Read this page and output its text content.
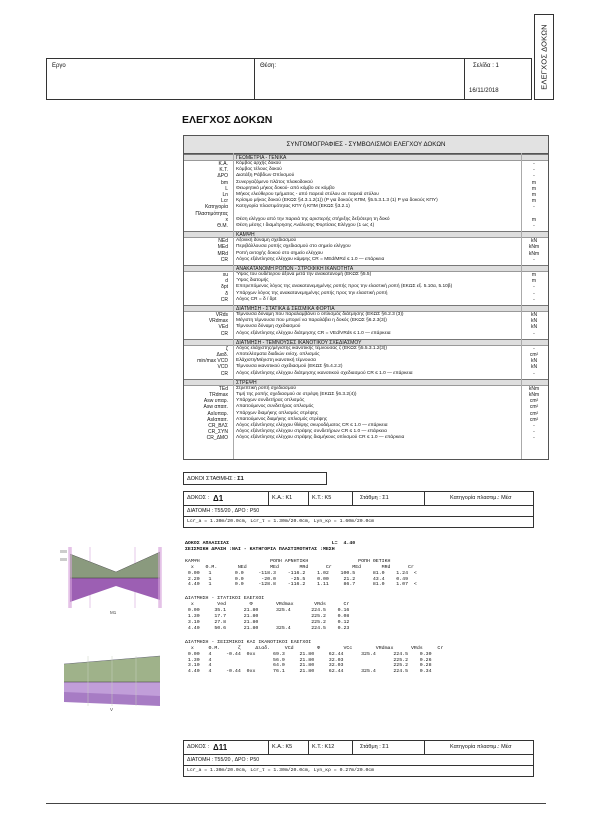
Εργο	Θέση:	Σελίδα : 1
16/11/2018
ΕΛΕΓΧΟΣ ΔΟΚΩΝ
ΕΛΕΓΧΟΣ ΔΟΚΩΝ
ΣΥΝΤΟΜΟΓΡΑΦΙΕΣ - ΣΥΜΒΟΛΙΣΜΟΙ ΕΛΕΓΧΟΥ ΔΟΚΩΝ
ΓΕΩΜΕΤΡΙΑ - ΓΕΝΙΚΑ
Κ.Α. Κόμβος αρχής δοκού	-
Κ.Τ. Κόμβος τέλους δοκού	-
ΔΡΟ Διατάξη Ράβδων Οπλισμού	-
bm Συνεργαζόμενο πλάτος πλακοδοκού	m
L Θεωρητικό μήκος δοκού- από κόμβο σε κόμβο	m
Ln Μήκος ελεύθερου τμήματος - από παρειά στύλου σε παρειά στύλου	m
Lcr Κρίσιμο μήκος δοκού (ΕΚΩΣ §4.3.1.2(1)) (Ρ για δοκούς ΚΠΜ, §5.5.3.1.3 (1) Ρ για δοκούς ΚΠΥ)	m
Κατηγορία Κατηγορία πλαστιμότητας ΚΠΥ ή ΚΠΜ (ΕΚΩΣ §3.2.1)	-
Πλαστιμότητας
x Θέση ελέγχου από την παρειά της αριστερής στήριξης δεξιότερη τη δοκό	m
Θ.Μ. Θέση μέσης Ι διαμέτρησης Ανάλυσης Φορτίσεις Ελέγχου (1 ως 4)	-
ΚΑΜΨΗ
NEd Αξονική δύναμη σχεδιασμού	kN
MEd Περιβάλλουσα ροπής σχεδιασμού στο σημείο ελέγχου	kNm
MRd Ροπή αντοχής δοκού στο σημείο ελέγχου	kNm
CR Λόγος εξάντλησης ελέγχου κάμψης CR = MEd/MRd ≤ 1.0 — επάρκεια	-
ΑΝΑΚΑΤΑΝΟΜΗ ΡΟΠΩΝ - ΣΤΡΟΦΙΚΗ ΙΚΑΝΟΤΗΤΑ
xu Ύψος του ουδέτερου άξονα μετά την ανακατανομή (ΕΚΩΣ §5.5)	m
d Ύψος διατομής	m
δpt Επιτρεπόμενος λόγος της ανακατανεμημένης ροπής προς την ελαστική ροπή (ΕΚΩΣ εξ. 5.10α, 5.10β)	-
δ Υπάρχων λόγος της ανακατανεμημένης ροπής προς την ελαστική ροπή	-
CR Λόγος CR = δ / δpt	-
ΔΙΑΤΜΗΣΗ - ΣΤΑΤΙΚΑ & ΣΕΙΣΜΙΚΑ ΦΟΡΤΙΑ
VRds Τέμνουσα δύναμη που παραλαμβάνει ο οπλισμός διάτμησης (ΕΚΩΣ §6.2.3 (3))	kN
VRdmax Μέγιστη τέμνουσα που μπορεί να παραλάβει η δοκός (ΕΚΩΣ §6.2.3(3))	kN
VEd Τέμνουσα δύναμη σχεδιασμού	kN
CR Λόγος εξάντλησης ελέγχου διάτμησης CR = VEd/VRds ≤ 1.0 — επάρκεια	-
ΔΙΑΤΜΗΣΗ - ΤΕΜΝΟΥΣΕΣ ΙΚΑΝΟΤΙΚΟΥ ΣΧΕΔΙΑΣΜΟΥ
ζ Λόγος ελάχιστης/μέγιστης ικανοτικής τέμνουσας ζ (ΕΚΩΣ §5.5.3.1.2(3))	-
Διαδ. Αποτελέσματα διαδιών ενίσχ. οπλισμός	cm²
min/max VCD Ελάχιστη/Μέγιστη ικανοτική τέμνουσα	kN
VCD Τέμνουσα ικανοτικού σχεδιασμού (ΕΚΩΣ §5.4.2.2)	kN
CR Λόγος εξάντλησης ελέγχου διάτμησης ικανοτικού σχεδιασμού CR ≤ 1.0 — επάρκεια	-
ΣΤΡΕΨΗ
TEd Στρεπτική ροπή σχεδιασμού	kNm
TRdmax Τιμή της ροπής σχεδιασμού σε στρέψη (ΕΚΩΣ §6.3.2(4))	kNm
Asw υπαρ. Υπάρχων συνδετήρας οπλισμός	cm²
Asw απαιτ. Απαιτούμενος συνδετήρας οπλισμός	cm²
ΑsΙυπαρ. Υπάρχων διαμήκης οπλισμός στρέψης	cm²
ΑsΙαπαιτ. Απαιτούμενος διαμήκης οπλισμός στρέψης	cm²
CR_ΒΛΣ Λόγος εξάντλησης ελέγχου θλίψης σκυροδέματος CR ≤ 1.0 — επάρκεια	-
CR_ΣΥΝ Λόγος εξάντλησης ελέγχου στρέψης συνδετήρων CR ≤ 1.0 — επάρκεια	-
CR_ΔΜΟ Λόγος εξάντλησης ελέγχου στρέψης διαμήκους οπλισμού CR ≤ 1.0 — επάρκεια	-
ΔΟΚΟΙ ΣΤΑΘΜΗΣ : Σ1
ΔΟΚΟΣ : Δ1	Κ.Α.: Κ1	Κ.Τ.: Κ5	Στάθμη : Σ1	Κατηγορία πλαστιμ.: Μέσ
ΔΙΑΤΟΜΗ : Τ55/20 , ΔΡΟ : Ρ50
Lcr_a = 1.30m/20.0cm, Lcr_τ = 1.30m/20.0cm, Lyn_κρ = 1.60m/20.0cm
ΔΟΚΟΣ ΑΠΛΑΙΣΙΑΣ                                   L=  4.40
ΣΕΙΣΜΙΚΗ ΔΡΑΣΗ :ΝΑΙ - ΚΑΤΗΓΟΡΙΑ ΠΛΑΣΤΙΜΟΤΗΤΑΣ :ΜΕΣΗ
ΚΑΜΨΗ                        ΡΟΠΗ ΑΡΝΗΤΙΚΗ                 ΡΟΠΗ ΘΕΤΙΚΗ
x    Θ.Μ.       NEd        MEd       MRd      Cr       MEd       MRd      Cr
0.00   1        0.0     -118.3    -116.2    1.02    100.5      81.0    1.24  <
2.20   1        0.0      -20.0     -25.5    0.00     21.2      43.4    0.49
4.40   1        0.0     -128.8    -116.2    1.11     86.7      81.0    1.07  <
ΔΙΑΤΜΗΣΗ - ΣΤΑΤΙΚΟΙ ΕΛΕΓΧΟΙ
x        Ved        Φ        VRdmax       VRds      Cr
0.00     35.1      21.80      325.4       224.5    0.16
1.30     17.7      21.80                  225.2    0.08
3.10     27.8      21.80                  225.2    0.12
4.40     50.6      21.80      325.4       224.5    0.23
ΔΙΑΤΜΗΣΗ - ΣΕΙΣΜΙΚΟΙ ΚΑΙ ΙΚΑΝΟΤΙΚΟΙ ΕΛΕΓΧΟΙ
x     Θ.Μ.      ζ     Διαδ.     VCd        Φ        VCc        VRdmax      VRds     Cr
0.00   4     -0.44  0xx      69.3     21.80     62.44      325.4      224.5    0.30
1.30   4                     56.9     21.80     32.03                 225.2    0.26
3.10   4                     64.0     21.80     32.03                 225.2    0.28
4.40   4     -0.44  0xx      76.1     21.80     62.44      325.4      224.5    0.34
M1
V
ΔΟΚΟΣ : Δ11	Κ.Α.: Κ5	Κ.Τ.: Κ12	Στάθμη : Σ1	Κατηγορία πλαστιμ.: Μέσ
ΔΙΑΤΟΜΗ : Τ55/20 , ΔΡΟ : Ρ50
Lcr_a = 1.30m/20.0cm, Lcr_τ = 1.30m/20.0cm, Lyn_κρ = 0.27m/20.0cm
